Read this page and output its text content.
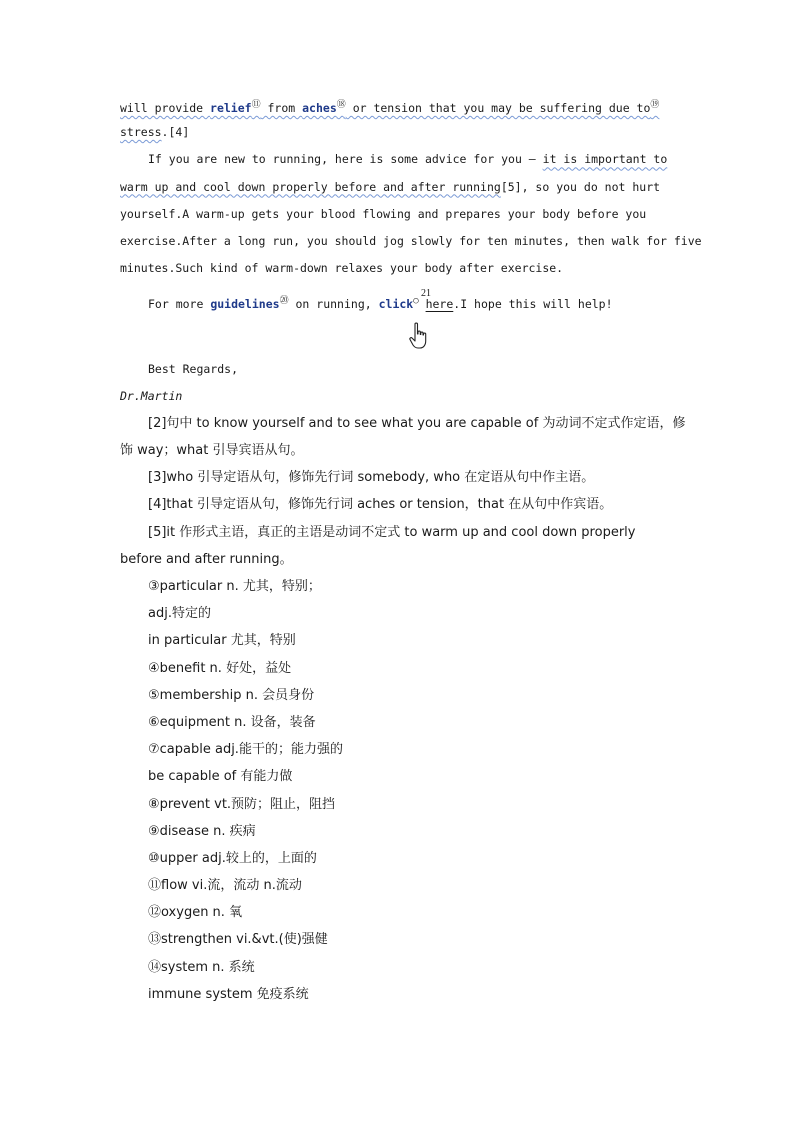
will provide relief⑪ from aches⑱ or tension that you may be suffering due to⑲
stress.[4]
If you are new to running, here is some advice for you — it is important to
warm up and cool down properly before and after running[5], so you do not hurt
yourself.A warm-up gets your blood flowing and prepares your body before you
exercise.After a long run, you should jog slowly for ten minutes, then walk for five
minutes.Such kind of warm-down relaxes your body after exercise.
For more guidelines⑳ on running, click○ here.I hope this will help!
Best Regards,
Dr.Martin
[2]句中 to know yourself and to see what you are capable of 为动词不定式作定语，修
饰 way；what 引导宾语从句。
[3]who 引导定语从句，修饰先行词 somebody, who 在定语从句中作主语。
[4]that 引导定语从句，修饰先行词 aches or tension，that 在从句中作宾语。
[5]it 作形式主语，真正的主语是动词不定式 to warm up and cool down properly
before and after running。
③particular n. 尤其，特别；
adj.特定的
in particular 尤其，特别
④benefit n. 好处，益处
⑤membership n. 会员身份
⑥equipment n. 设备，装备
⑦capable adj.能干的；能力强的
be capable of 有能力做
⑧prevent vt.预防；阻止，阻挡
⑨disease n. 疾病
⑩upper adj.较上的，上面的
⑪flow vi.流，流动 n.流动
⑫oxygen n. 氧
⑬strengthen vi.&vt.(使)强健
⑭system n. 系统
immune system 免疫系统
21
